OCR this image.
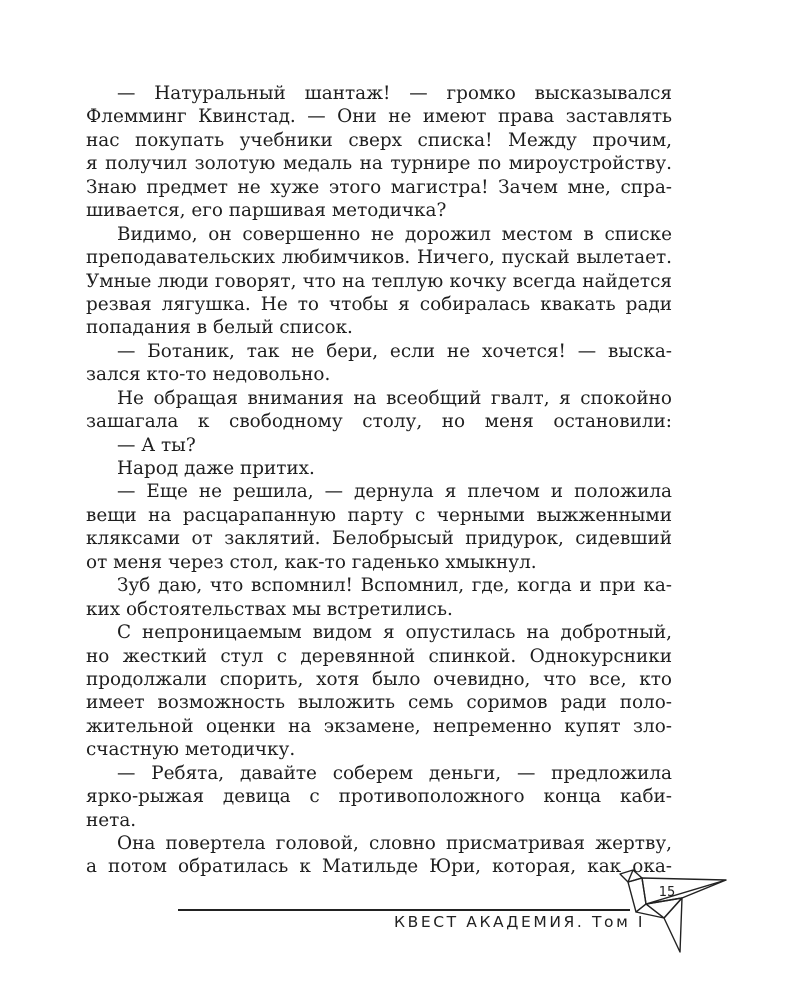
— Натуральный шантаж! — громко высказывался
Флемминг Квинстад. — Они не имеют права заставлять
нас покупать учебники сверх списка! Между прочим,
я получил золотую медаль на турнире по мироустройству.
Знаю предмет не хуже этого магистра! Зачем мне, спра-
шивается, его паршивая методичка?
Видимо, он совершенно не дорожил местом в списке
преподавательских любимчиков. Ничего, пускай вылетает.
Умные люди говорят, что на теплую кочку всегда найдется
резвая лягушка. Не то чтобы я собиралась квакать ради
попадания в белый список.
— Ботаник, так не бери, если не хочется! — выска-
зался кто-то недовольно.
Не обращая внимания на всеобщий гвалт, я спокойно
зашагала к свободному столу, но меня остановили:
— А ты?
Народ даже притих.
— Еще не решила, — дернула я плечом и положила
вещи на расцарапанную парту с черными выжженными
кляксами от заклятий. Белобрысый придурок, сидевший
от меня через стол, как-то гаденько хмыкнул.
Зуб даю, что вспомнил! Вспомнил, где, когда и при ка-
ких обстоятельствах мы встретились.
С непроницаемым видом я опустилась на добротный,
но жесткий стул с деревянной спинкой. Однокурсники
продолжали спорить, хотя было очевидно, что все, кто
имеет возможность выложить семь соримов ради поло-
жительной оценки на экзамене, непременно купят зло-
счастную методичку.
— Ребята, давайте соберем деньги, — предложила
ярко-рыжая девица с противоположного конца каби-
нета.
Она повертела головой, словно присматривая жертву,
а потом обратилась к Матильде Юри, которая, как ока-
КВЕСТ АКАДЕМИЯ. Том I
15
